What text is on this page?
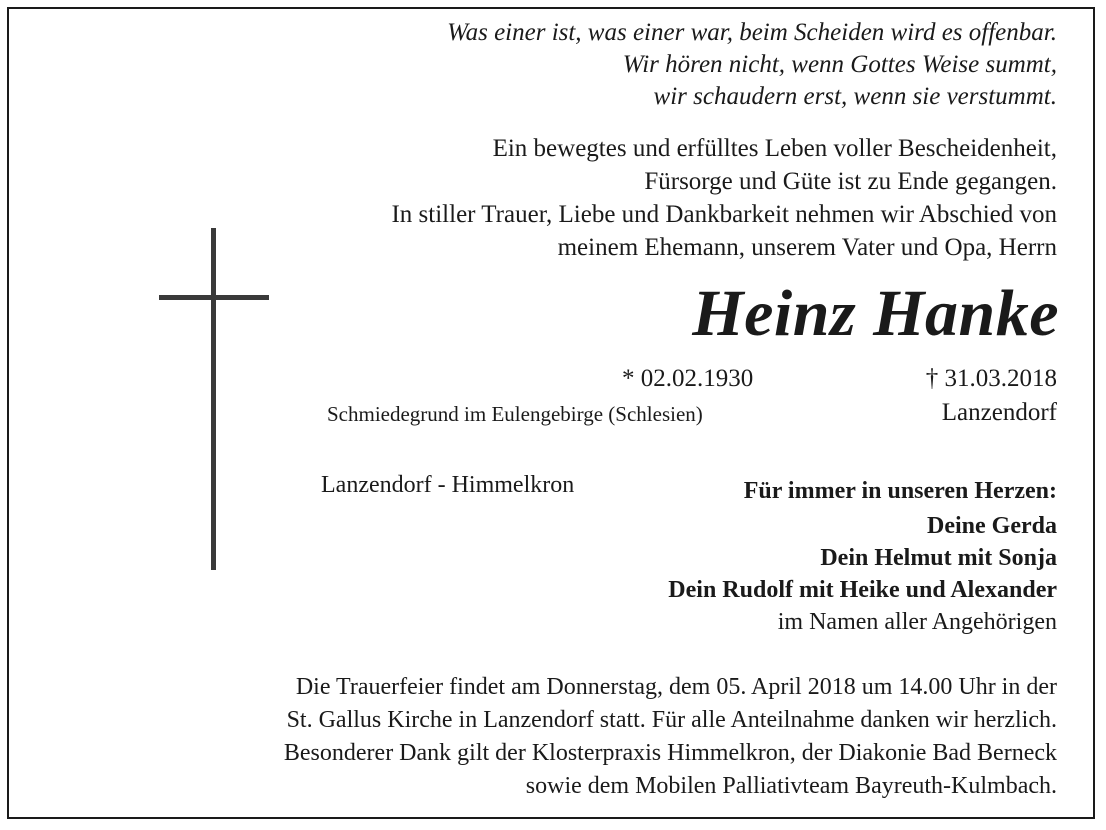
Was einer ist, was einer war, beim Scheiden wird es offenbar.
Wir hören nicht, wenn Gottes Weise summt,
wir schaudern erst, wenn sie verstummt.
Ein bewegtes und erfülltes Leben voller Bescheidenheit,
Fürsorge und Güte ist zu Ende gegangen.
In stiller Trauer, Liebe und Dankbarkeit nehmen wir Abschied von
meinem Ehemann, unserem Vater und Opa, Herrn
Heinz Hanke
* 02.02.1930	† 31.03.2018
Schmiedegrund im Eulengebirge (Schlesien)	Lanzendorf
Lanzendorf - Himmelkron	Für immer in unseren Herzen:
Deine Gerda
Dein Helmut mit Sonja
Dein Rudolf mit Heike und Alexander
im Namen aller Angehörigen
Die Trauerfeier findet am Donnerstag, dem 05. April 2018 um 14.00 Uhr in der
St. Gallus Kirche in Lanzendorf statt. Für alle Anteilnahme danken wir herzlich.
Besonderer Dank gilt der Klosterpraxis Himmelkron, der Diakonie Bad Berneck
sowie dem Mobilen Palliativteam Bayreuth-Kulmbach.
